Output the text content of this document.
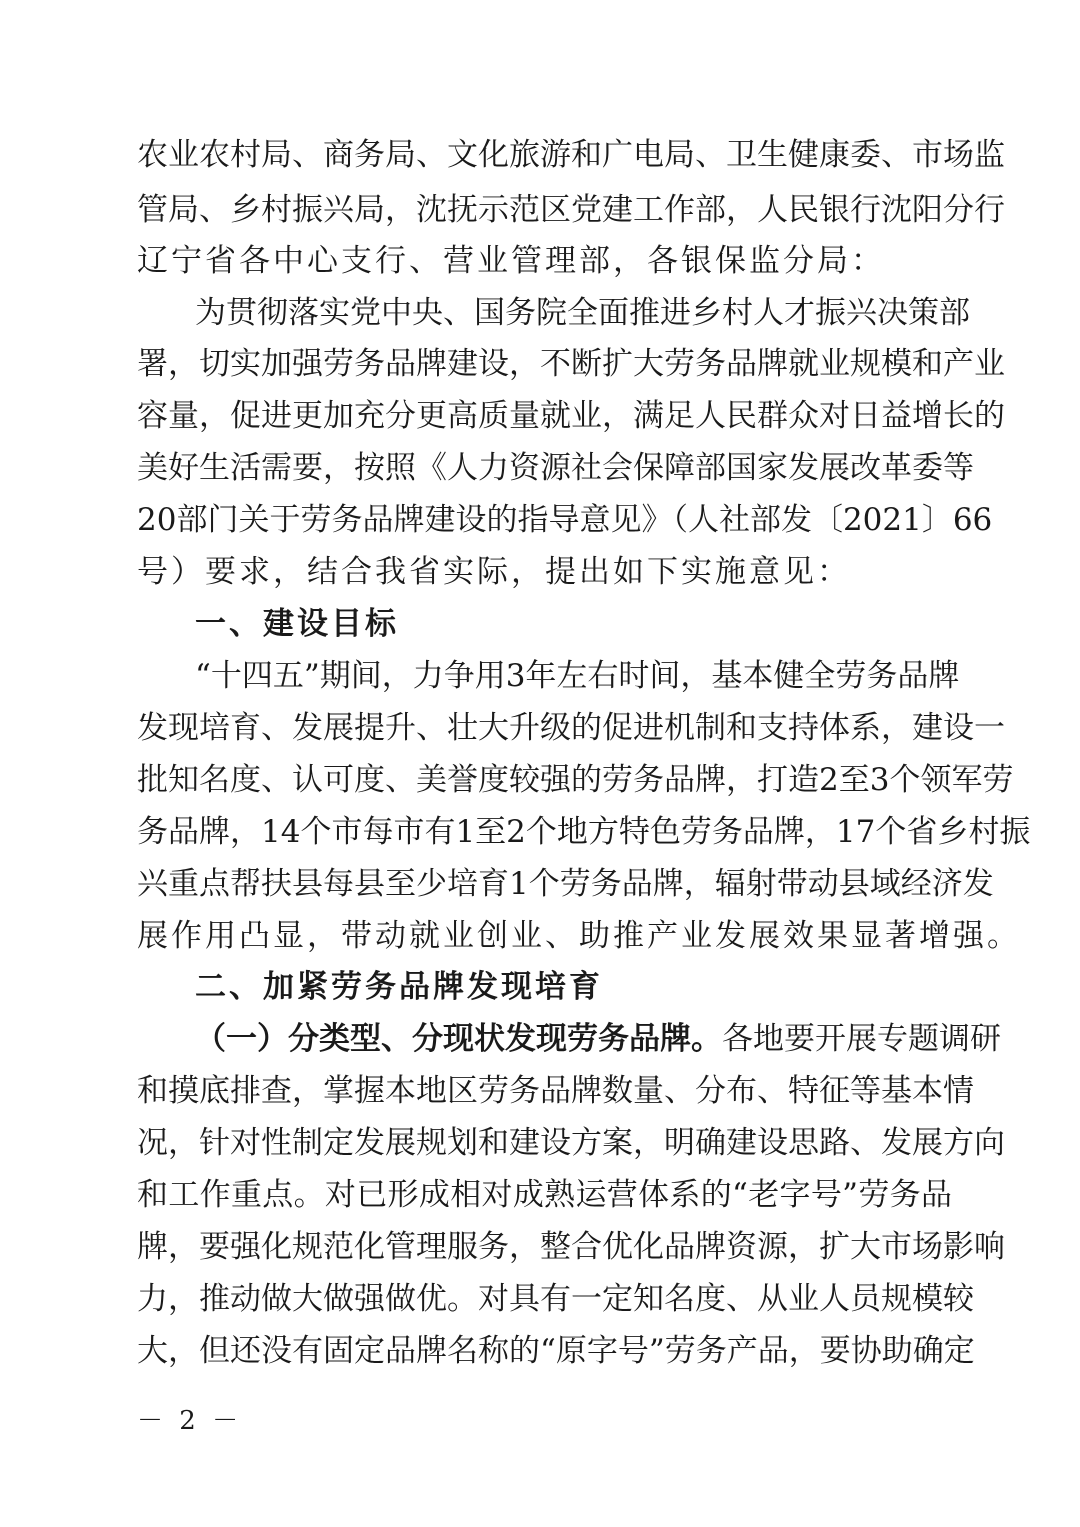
农业农村局、商务局、文化旅游和广电局、卫生健康委、市场监
管局、乡村振兴局，沈抚示范区党建工作部，人民银行沈阳分行
辽宁省各中心支行、营业管理部，各银保监分局：
为贯彻落实党中央、国务院全面推进乡村人才振兴决策部
署，切实加强劳务品牌建设，不断扩大劳务品牌就业规模和产业
容量，促进更加充分更高质量就业，满足人民群众对日益增长的
美好生活需要，按照《人力资源社会保障部国家发展改革委等
20部门关于劳务品牌建设的指导意见》（人社部发〔2021〕66
号）要求，结合我省实际，提出如下实施意见：
一、建设目标
“十四五”期间，力争用3年左右时间，基本健全劳务品牌
发现培育、发展提升、壮大升级的促进机制和支持体系，建设一
批知名度、认可度、美誉度较强的劳务品牌，打造2至3个领军劳
务品牌，14个市每市有1至2个地方特色劳务品牌，17个省乡村振
兴重点帮扶县每县至少培育1个劳务品牌，辐射带动县域经济发
展作用凸显，带动就业创业、助推产业发展效果显著增强。
二、加紧劳务品牌发现培育
（一）分类型、分现状发现劳务品牌。各地要开展专题调研
和摸底排查，掌握本地区劳务品牌数量、分布、特征等基本情
况，针对性制定发展规划和建设方案，明确建设思路、发展方向
和工作重点。对已形成相对成熟运营体系的“老字号”劳务品
牌，要强化规范化管理服务，整合优化品牌资源，扩大市场影响
力，推动做大做强做优。对具有一定知名度、从业人员规模较
大，但还没有固定品牌名称的“原字号”劳务产品，要协助确定
－ 2 －
